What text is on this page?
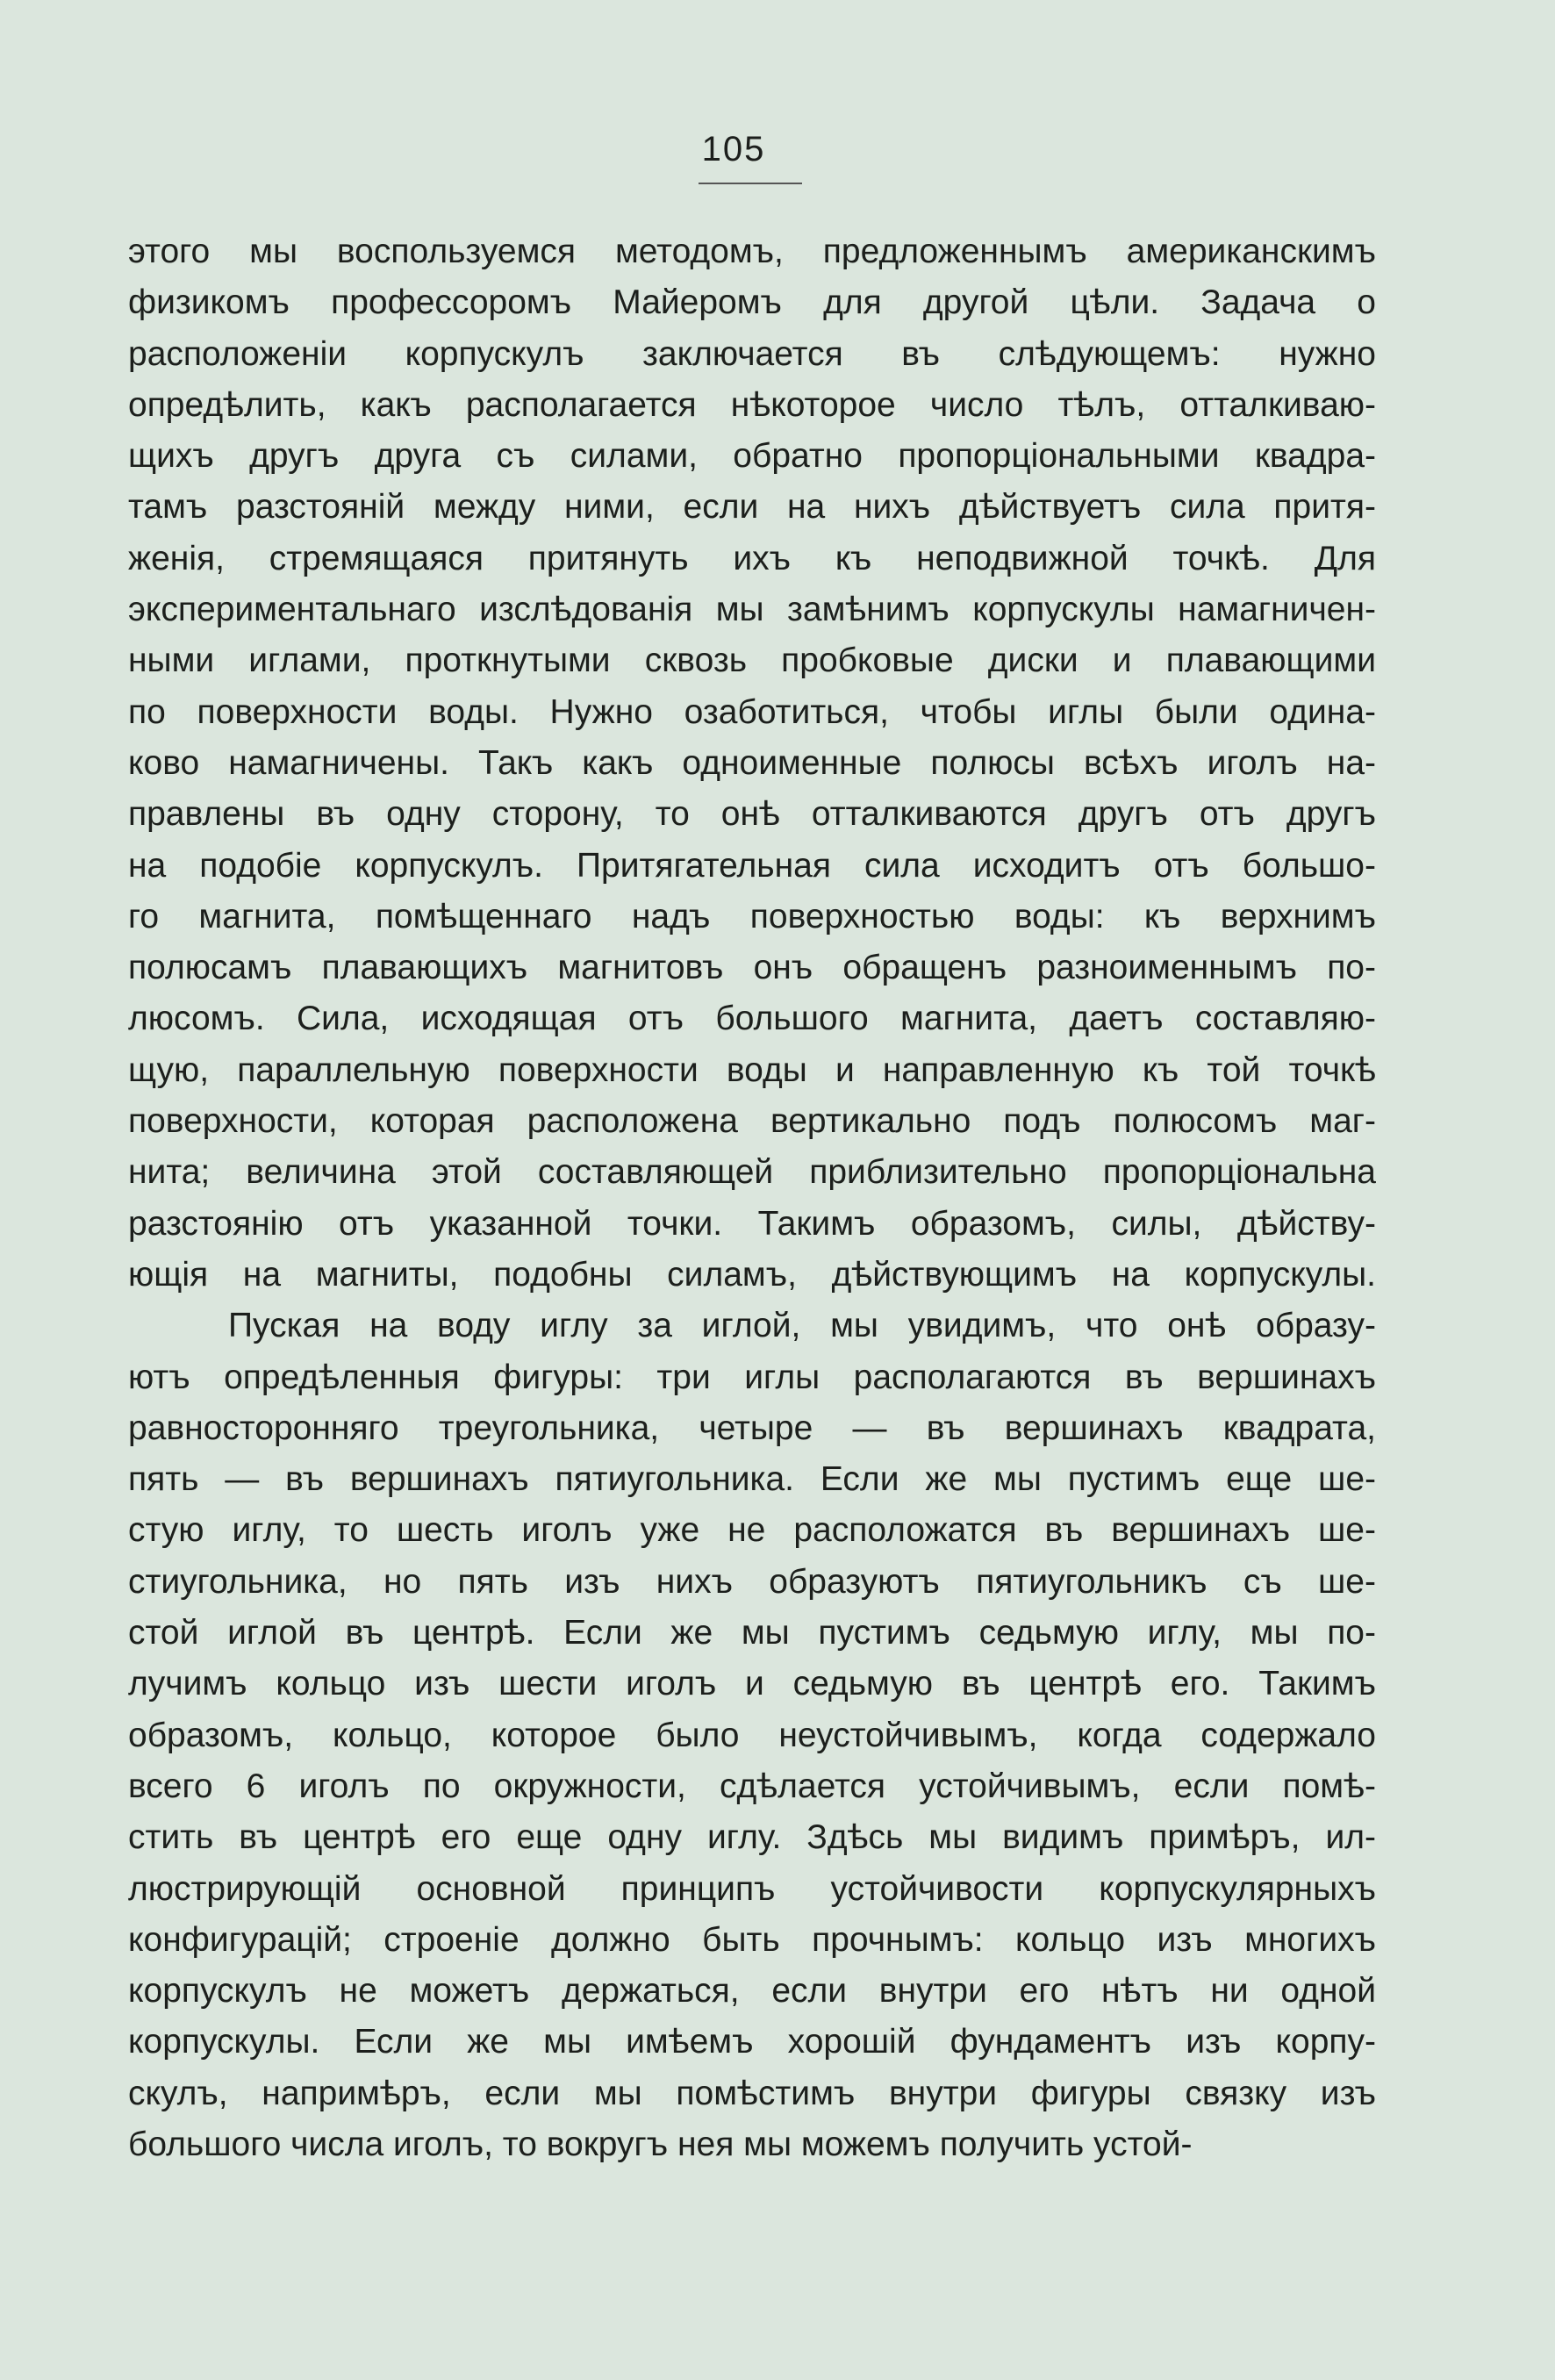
105
этого мы воспользуемся методомъ, предложеннымъ американскимъ
физикомъ профессоромъ Майеромъ для другой цѣли. Задача о
расположеніи корпускулъ заключается въ слѣдующемъ: нужно
опредѣлить, какъ располагается нѣкоторое число тѣлъ, отталкиваю-
щихъ другъ друга съ силами, обратно пропорціональными квадра-
тамъ разстояній между ними, если на нихъ дѣйствуетъ сила притя-
женія, стремящаяся притянуть ихъ къ неподвижной точкѣ. Для
экспериментальнаго изслѣдованія мы замѣнимъ корпускулы намагничен-
ными иглами, проткнутыми сквозь пробковые диски и плавающими
по поверхности воды. Нужно озаботиться, чтобы иглы были одина-
ково намагничены. Такъ какъ одноименные полюсы всѣхъ иголъ на-
правлены въ одну сторону, то онѣ отталкиваются другъ отъ другъ
на подобіе корпускулъ. Притягательная сила исходитъ отъ большо-
го магнита, помѣщеннаго надъ поверхностью воды: къ верхнимъ
полюсамъ плавающихъ магнитовъ онъ обращенъ разноименнымъ по-
люсомъ. Сила, исходящая отъ большого магнита, даетъ составляю-
щую, параллельную поверхности воды и направленную къ той точкѣ
поверхности, которая расположена вертикально подъ полюсомъ маг-
нита; величина этой составляющей приблизительно пропорціональна
разстоянію отъ указанной точки. Такимъ образомъ, силы, дѣйству-
ющія на магниты, подобны силамъ, дѣйствующимъ на корпускулы.
Пуская на воду иглу за иглой, мы увидимъ, что онѣ образу-
ютъ опредѣленныя фигуры: три иглы располагаются въ вершинахъ
равносторонняго треугольника, четыре — въ вершинахъ квадрата,
пять — въ вершинахъ пятиугольника. Если же мы пустимъ еще ше-
стую иглу, то шесть иголъ уже не расположатся въ вершинахъ ше-
стиугольника, но пять изъ нихъ образуютъ пятиугольникъ съ ше-
стой иглой въ центрѣ. Если же мы пустимъ седьмую иглу, мы по-
лучимъ кольцо изъ шести иголъ и седьмую въ центрѣ его. Такимъ
образомъ, кольцо, которое было неустойчивымъ, когда содержало
всего 6 иголъ по окружности, сдѣлается устойчивымъ, если помѣ-
стить въ центрѣ его еще одну иглу. Здѣсь мы видимъ примѣръ, ил-
люстрирующій основной принципъ устойчивости корпускулярныхъ
конфигурацій; строеніе должно быть прочнымъ: кольцо изъ многихъ
корпускулъ не можетъ держаться, если внутри его нѣтъ ни одной
корпускулы. Если же мы имѣемъ хорошій фундаментъ изъ корпу-
скулъ, напримѣръ, если мы помѣстимъ внутри фигуры связку изъ
большого числа иголъ, то вокругъ нея мы можемъ получить устой-
